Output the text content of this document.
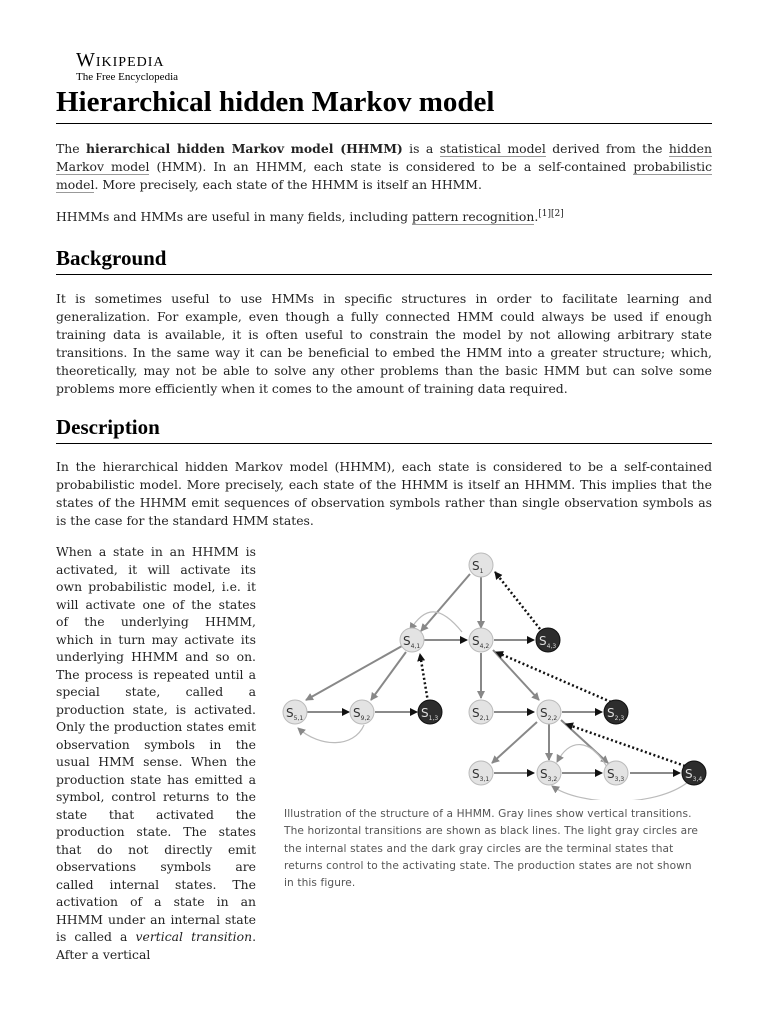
Wikipedia
The Free Encyclopedia
Hierarchical hidden Markov model

The hierarchical hidden Markov model (HHMM) is a statistical model derived from the hidden Markov model (HMM). In an HHMM, each state is considered to be a self-contained probabilistic model. More precisely, each state of the HHMM is itself an HHMM.

HHMMs and HMMs are useful in many fields, including pattern recognition.[1][2]

Background

It is sometimes useful to use HMMs in specific structures in order to facilitate learning and generalization. For example, even though a fully connected HMM could always be used if enough training data is available, it is often useful to constrain the model by not allowing arbitrary state transitions. In the same way it can be beneficial to embed the HMM into a greater structure; which, theoretically, may not be able to solve any other problems than the basic HMM but can solve some problems more efficiently when it comes to the amount of training data required.

Description

In the hierarchical hidden Markov model (HHMM), each state is considered to be a self-contained probabilistic model. More precisely, each state of the HHMM is itself an HHMM. This implies that the states of the HHMM emit sequences of observation symbols rather than single observation symbols as is the case for the standard HMM states.

When a state in an HHMM is activated, it will activate its own probabilistic model, i.e. it will activate one of the states of the underlying HHMM, which in turn may activate its underlying HHMM and so on. The process is repeated until a special state, called a production state, is activated. Only the production states emit observation symbols in the usual HMM sense. When the production state has emitted a symbol, control returns to the state that activated the production state. The states that do not directly emit observations symbols are called internal states. The activation of a state in an HHMM under an internal state is called a vertical transition. After a vertical
$S_1$
$S_{4,1}$	$S_{4,2}$	$S_{4,3}$
$S_{5,1}$	$S_{9,2}$	$S_{1,3}$	$S_{2,1}$	$S_{2,2}$	$S_{2,3}$
$S_{3,1}$	$S_{3,2}$	$S_{3,3}$	$S_{3,4}$
Illustration of the structure of a HHMM. Gray lines show vertical transitions. The horizontal transitions are shown as black lines. The light gray circles are the internal states and the dark gray circles are the terminal states that returns control to the activating state. The production states are not shown in this figure.
